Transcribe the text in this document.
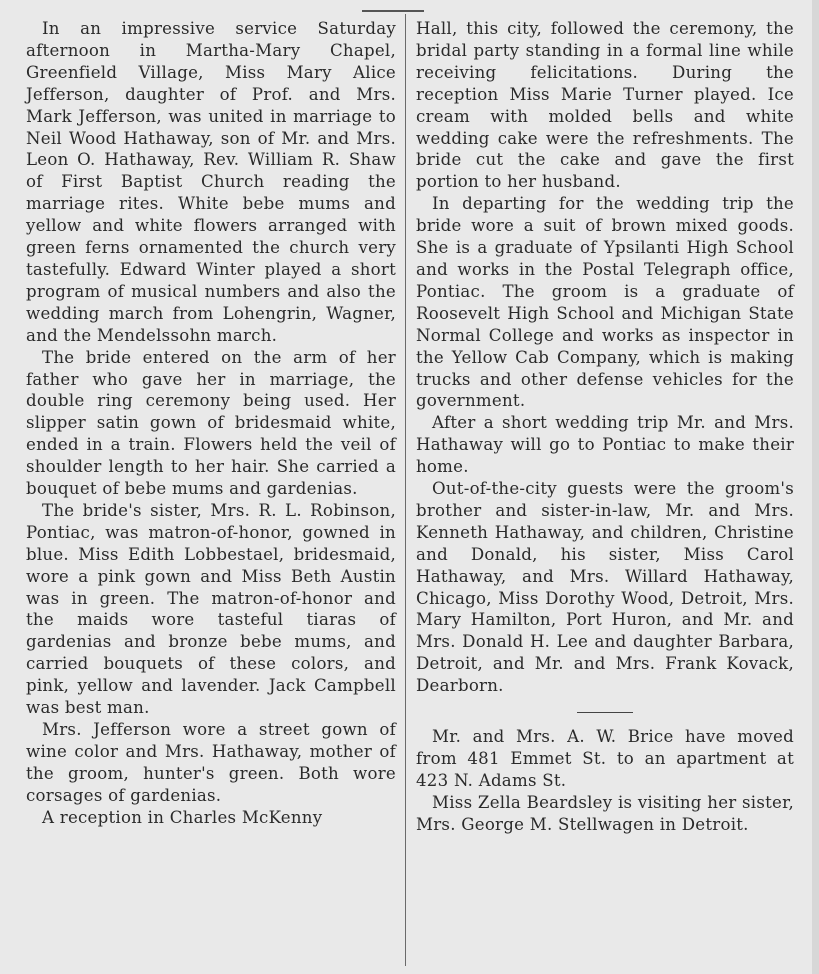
In an impressive service Saturday afternoon in Martha-Mary Chapel, Greenfield Village, Miss Mary Alice Jefferson, daughter of Prof. and Mrs. Mark Jefferson, was united in marriage to Neil Wood Hathaway, son of Mr. and Mrs. Leon O. Hathaway, Rev. William R. Shaw of First Baptist Church reading the marriage rites. White bebe mums and yellow and white flowers arranged with green ferns ornamented the church very tastefully. Edward Winter played a short program of musical numbers and also the wedding march from Lohengrin, Wagner, and the Mendelssohn march.

The bride entered on the arm of her father who gave her in marriage, the double ring ceremony being used. Her slipper satin gown of bridesmaid white, ended in a train. Flowers held the veil of shoulder length to her hair. She carried a bouquet of bebe mums and gardenias.

The bride's sister, Mrs. R. L. Robinson, Pontiac, was matron-of-honor, gowned in blue. Miss Edith Lobbestael, bridesmaid, wore a pink gown and Miss Beth Austin was in green. The matron-of-honor and the maids wore tasteful tiaras of gardenias and bronze bebe mums, and carried bouquets of these colors, and pink, yellow and lavender. Jack Campbell was best man.

Mrs. Jefferson wore a street gown of wine color and Mrs. Hathaway, mother of the groom, hunter's green. Both wore corsages of gardenias.

A reception in Charles McKenny

Hall, this city, followed the ceremony, the bridal party standing in a formal line while receiving felicitations. During the reception Miss Marie Turner played. Ice cream with molded bells and white wedding cake were the refreshments. The bride cut the cake and gave the first portion to her husband.

In departing for the wedding trip the bride wore a suit of brown mixed goods. She is a graduate of Ypsilanti High School and works in the Postal Telegraph office, Pontiac. The groom is a graduate of Roosevelt High School and Michigan State Normal College and works as inspector in the Yellow Cab Company, which is making trucks and other defense vehicles for the government.

After a short wedding trip Mr. and Mrs. Hathaway will go to Pontiac to make their home.

Out-of-the-city guests were the groom's brother and sister-in-law, Mr. and Mrs. Kenneth Hathaway, and children, Christine and Donald, his sister, Miss Carol Hathaway, and Mrs. Willard Hathaway, Chicago, Miss Dorothy Wood, Detroit, Mrs. Mary Hamilton, Port Huron, and Mr. and Mrs. Donald H. Lee and daughter Barbara, Detroit, and Mr. and Mrs. Frank Kovack, Dearborn.

Mr. and Mrs. A. W. Brice have moved from 481 Emmet St. to an apartment at 423 N. Adams St.

Miss Zella Beardsley is visiting her sister, Mrs. George M. Stellwagen in Detroit.
